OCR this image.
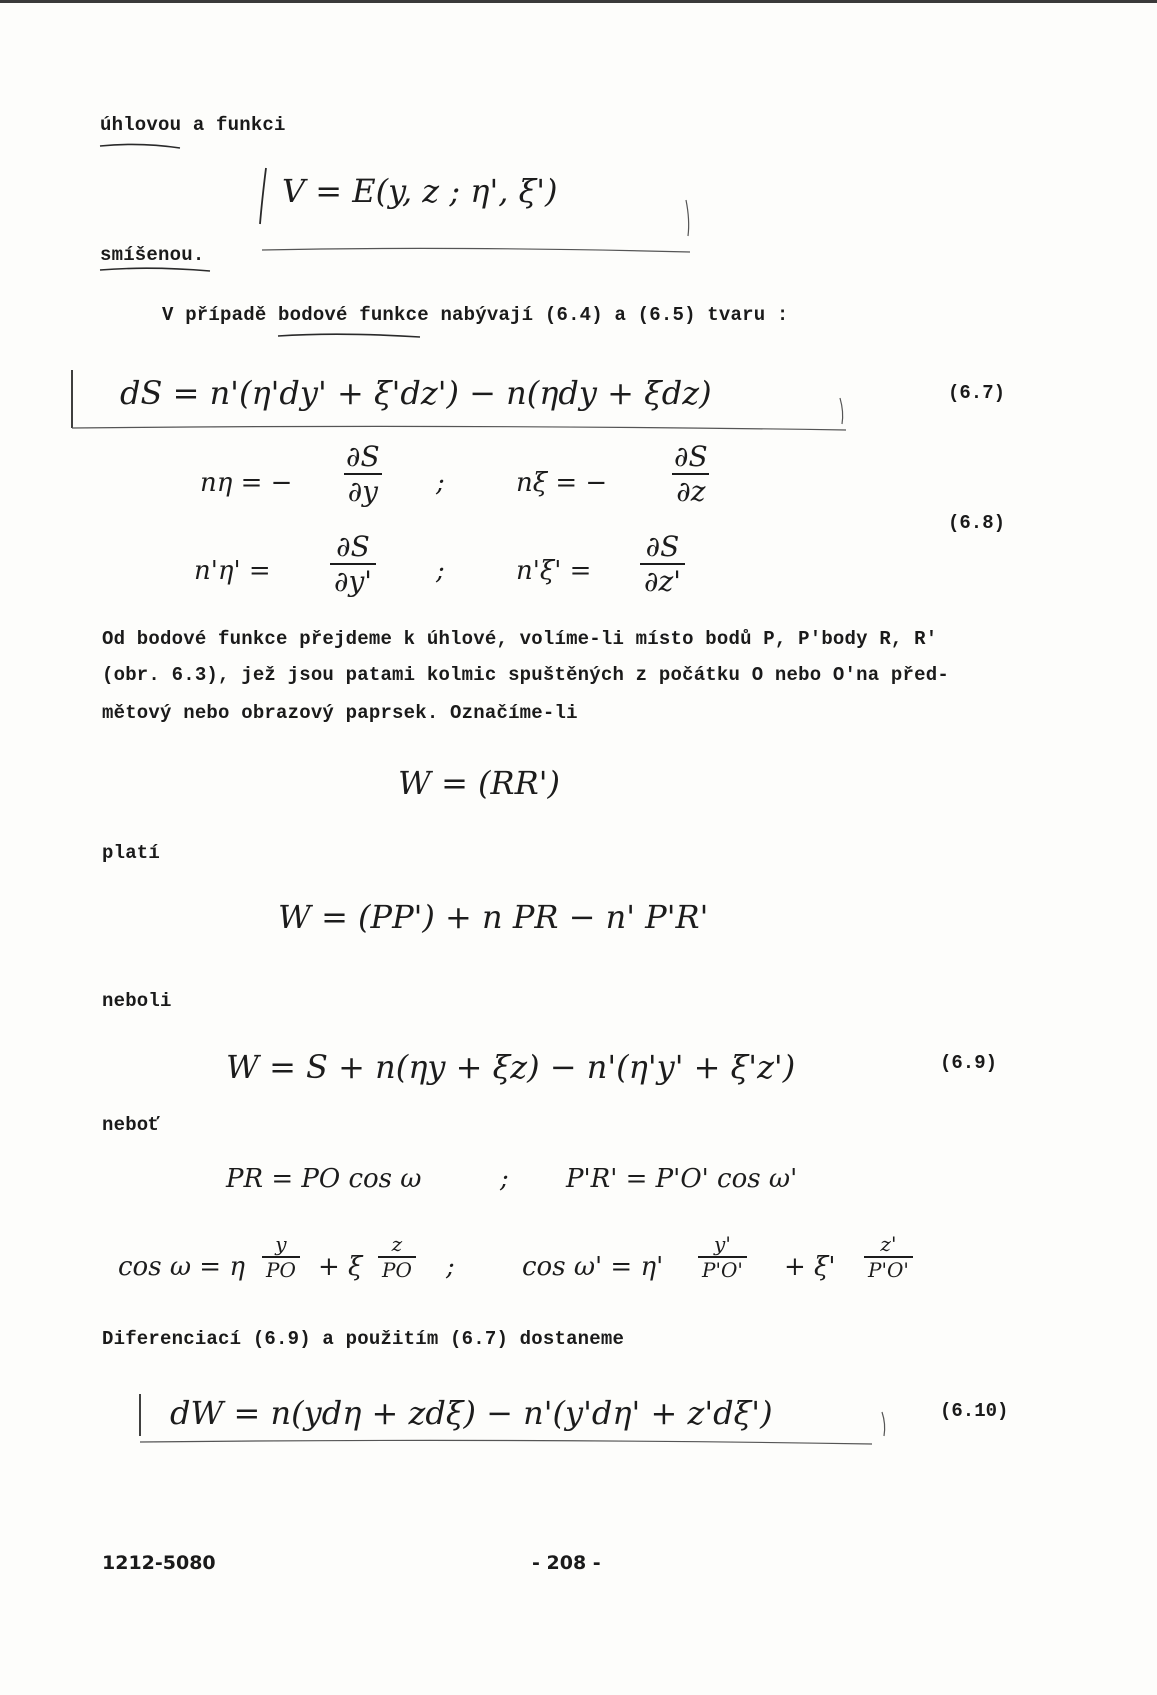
úhlovou a funkci
V = E(y, z ; η', ξ')
smíšenou.
V případě bodové funkce nabývají (6.4) a (6.5) tvaru :
dS = n'(η'dy' + ξ'dz') − n(ηdy + ξdz)	(6.7)
nη = − $\frac{\partial S}{\partial y}$ ;	nξ = − $\frac{\partial S}{\partial z}$
(6.8)
$n'\eta' = \frac{\partial S}{\partial y'}$ ;	$n'\xi' = \frac{\partial S}{\partial z'}$
Od bodové funkce přejdeme k úhlové, volíme-li místo bodů P, P'body R, R'
(obr. 6.3), jež jsou patami kolmic spuštěných z počátku O nebo O'na před-
mětový nebo obrazový paprsek. Označíme-li
W = (RR')
platí
W = (PP') + n PR − n' P'R'
neboli
W = S + n(ηy + ξz) − n'(η'y' + ξ'z')	(6.9)
neboť
PR = PO cos ω	; P'R' = P'O' cos ω'
cos ω = η $\frac{y}{PO} + \xi \frac{z}{PO}$ ;	$\cos \omega' = \eta' \frac{y'}{P'O'} + \xi' \frac{z'}{P'O'}$
Diferenciací (6.9) a použitím (6.7) dostaneme
dW = n(ydη + zdξ) − n'(y'dη' + z'dξ')	(6.10)
1212-5080	- 208 -
